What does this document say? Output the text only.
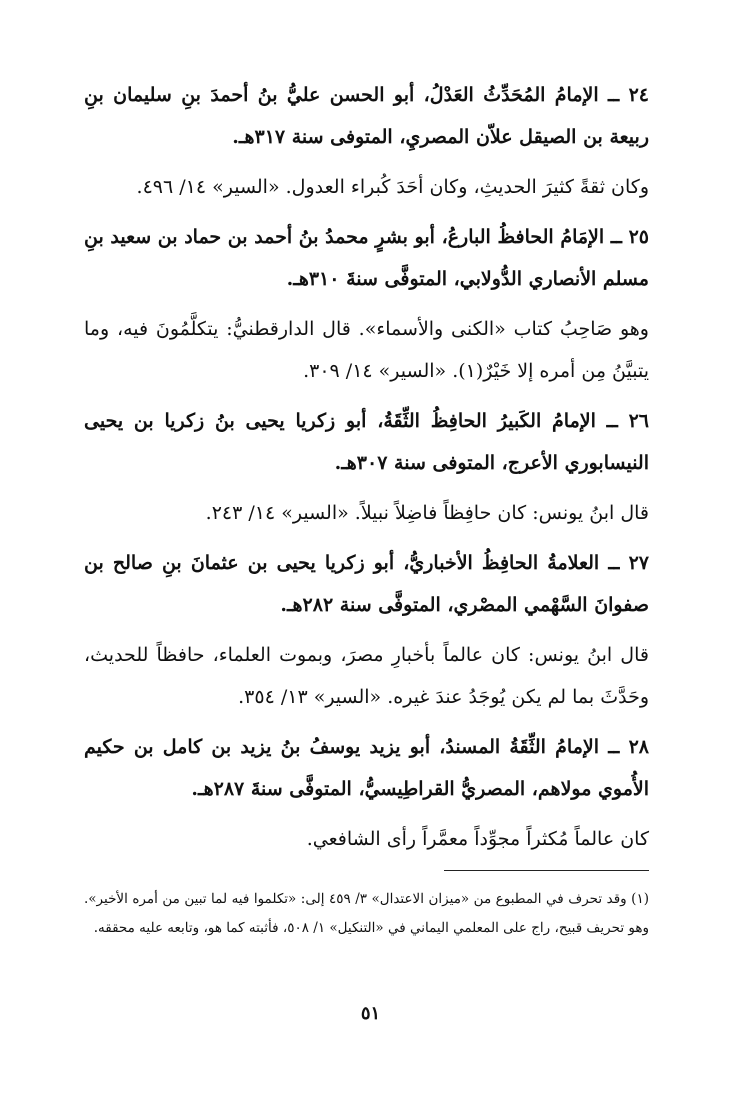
٢٤ ــ الإمامُ المُحَدِّثُ العَدْلُ، أبو الحسن عليُّ بنُ أحمدَ بنِ سليمان بنِ ربيعة بن الصيقل علاّن المصريِ، المتوفى سنة ٣١٧هـ.

وكان ثقةً كثيرَ الحديثِ، وكان أحَدَ كُبراء العدول. «السير» ١٤/ ٤٩٦.

٢٥ ــ الإمَامُ الحافظُ البارعُ، أبو بشرٍ محمدُ بنُ أحمد بن حماد بن سعيد بنِ مسلم الأنصاري الدُّولابي، المتوفَّى سنةَ ٣١٠هـ.

وهو صَاحِبُ كتاب «الكنى والأسماء». قال الدارقطنيُّ: يتكلَّمُونَ فيه، وما يتبيَّنُ مِن أمره إلا خَيْرٌ(١). «السير» ١٤/ ٣٠٩.

٢٦ ــ الإمامُ الكَبيرُ الحافِظُ الثِّقَةُ، أبو زكريا يحيى بنُ زكريا بن يحيى النيسابوري الأعرج، المتوفى سنة ٣٠٧هـ.

قال ابنُ يونس: كان حافِظاً فاضِلاً نبيلاً. «السير» ١٤/ ٢٤٣.

٢٧ ــ العلامةُ الحافِظُ الأخباريُّ، أبو زكريا يحيى بن عثمانَ بنِ صالح بن صفوانَ السَّهْمي المصْري، المتوفَّى سنة ٢٨٢هـ.

قال ابنُ يونس: كان عالماً بأخبارِ مصرَ، وبموت العلماء، حافظاً للحديث، وحَدَّثَ بما لم يكن يُوجَدُ عندَ غيره. «السير» ١٣/ ٣٥٤.

٢٨ ــ الإمامُ الثِّقَةُ المسندُ، أبو يزيد يوسفُ بنُ يزيد بن كامل بن حكيم الأُموي مولاهم، المصريُّ القراطِيسيُّ، المتوفَّى سنةَ ٢٨٧هـ.

كان عالماً مُكثراً مجوِّداً معمَّراً رأى الشافعي.

(١) وقد تحرف في المطبوع من «ميزان الاعتدال» ٣/ ٤٥٩ إلى: «تكلموا فيه لما تبين من أمره الأخير». وهو تحريف قبيح، راج على المعلمي اليماني في «التنكيل» ١/ ٥٠٨، فأثبته كما هو، وتابعه عليه محققه.

٥١
